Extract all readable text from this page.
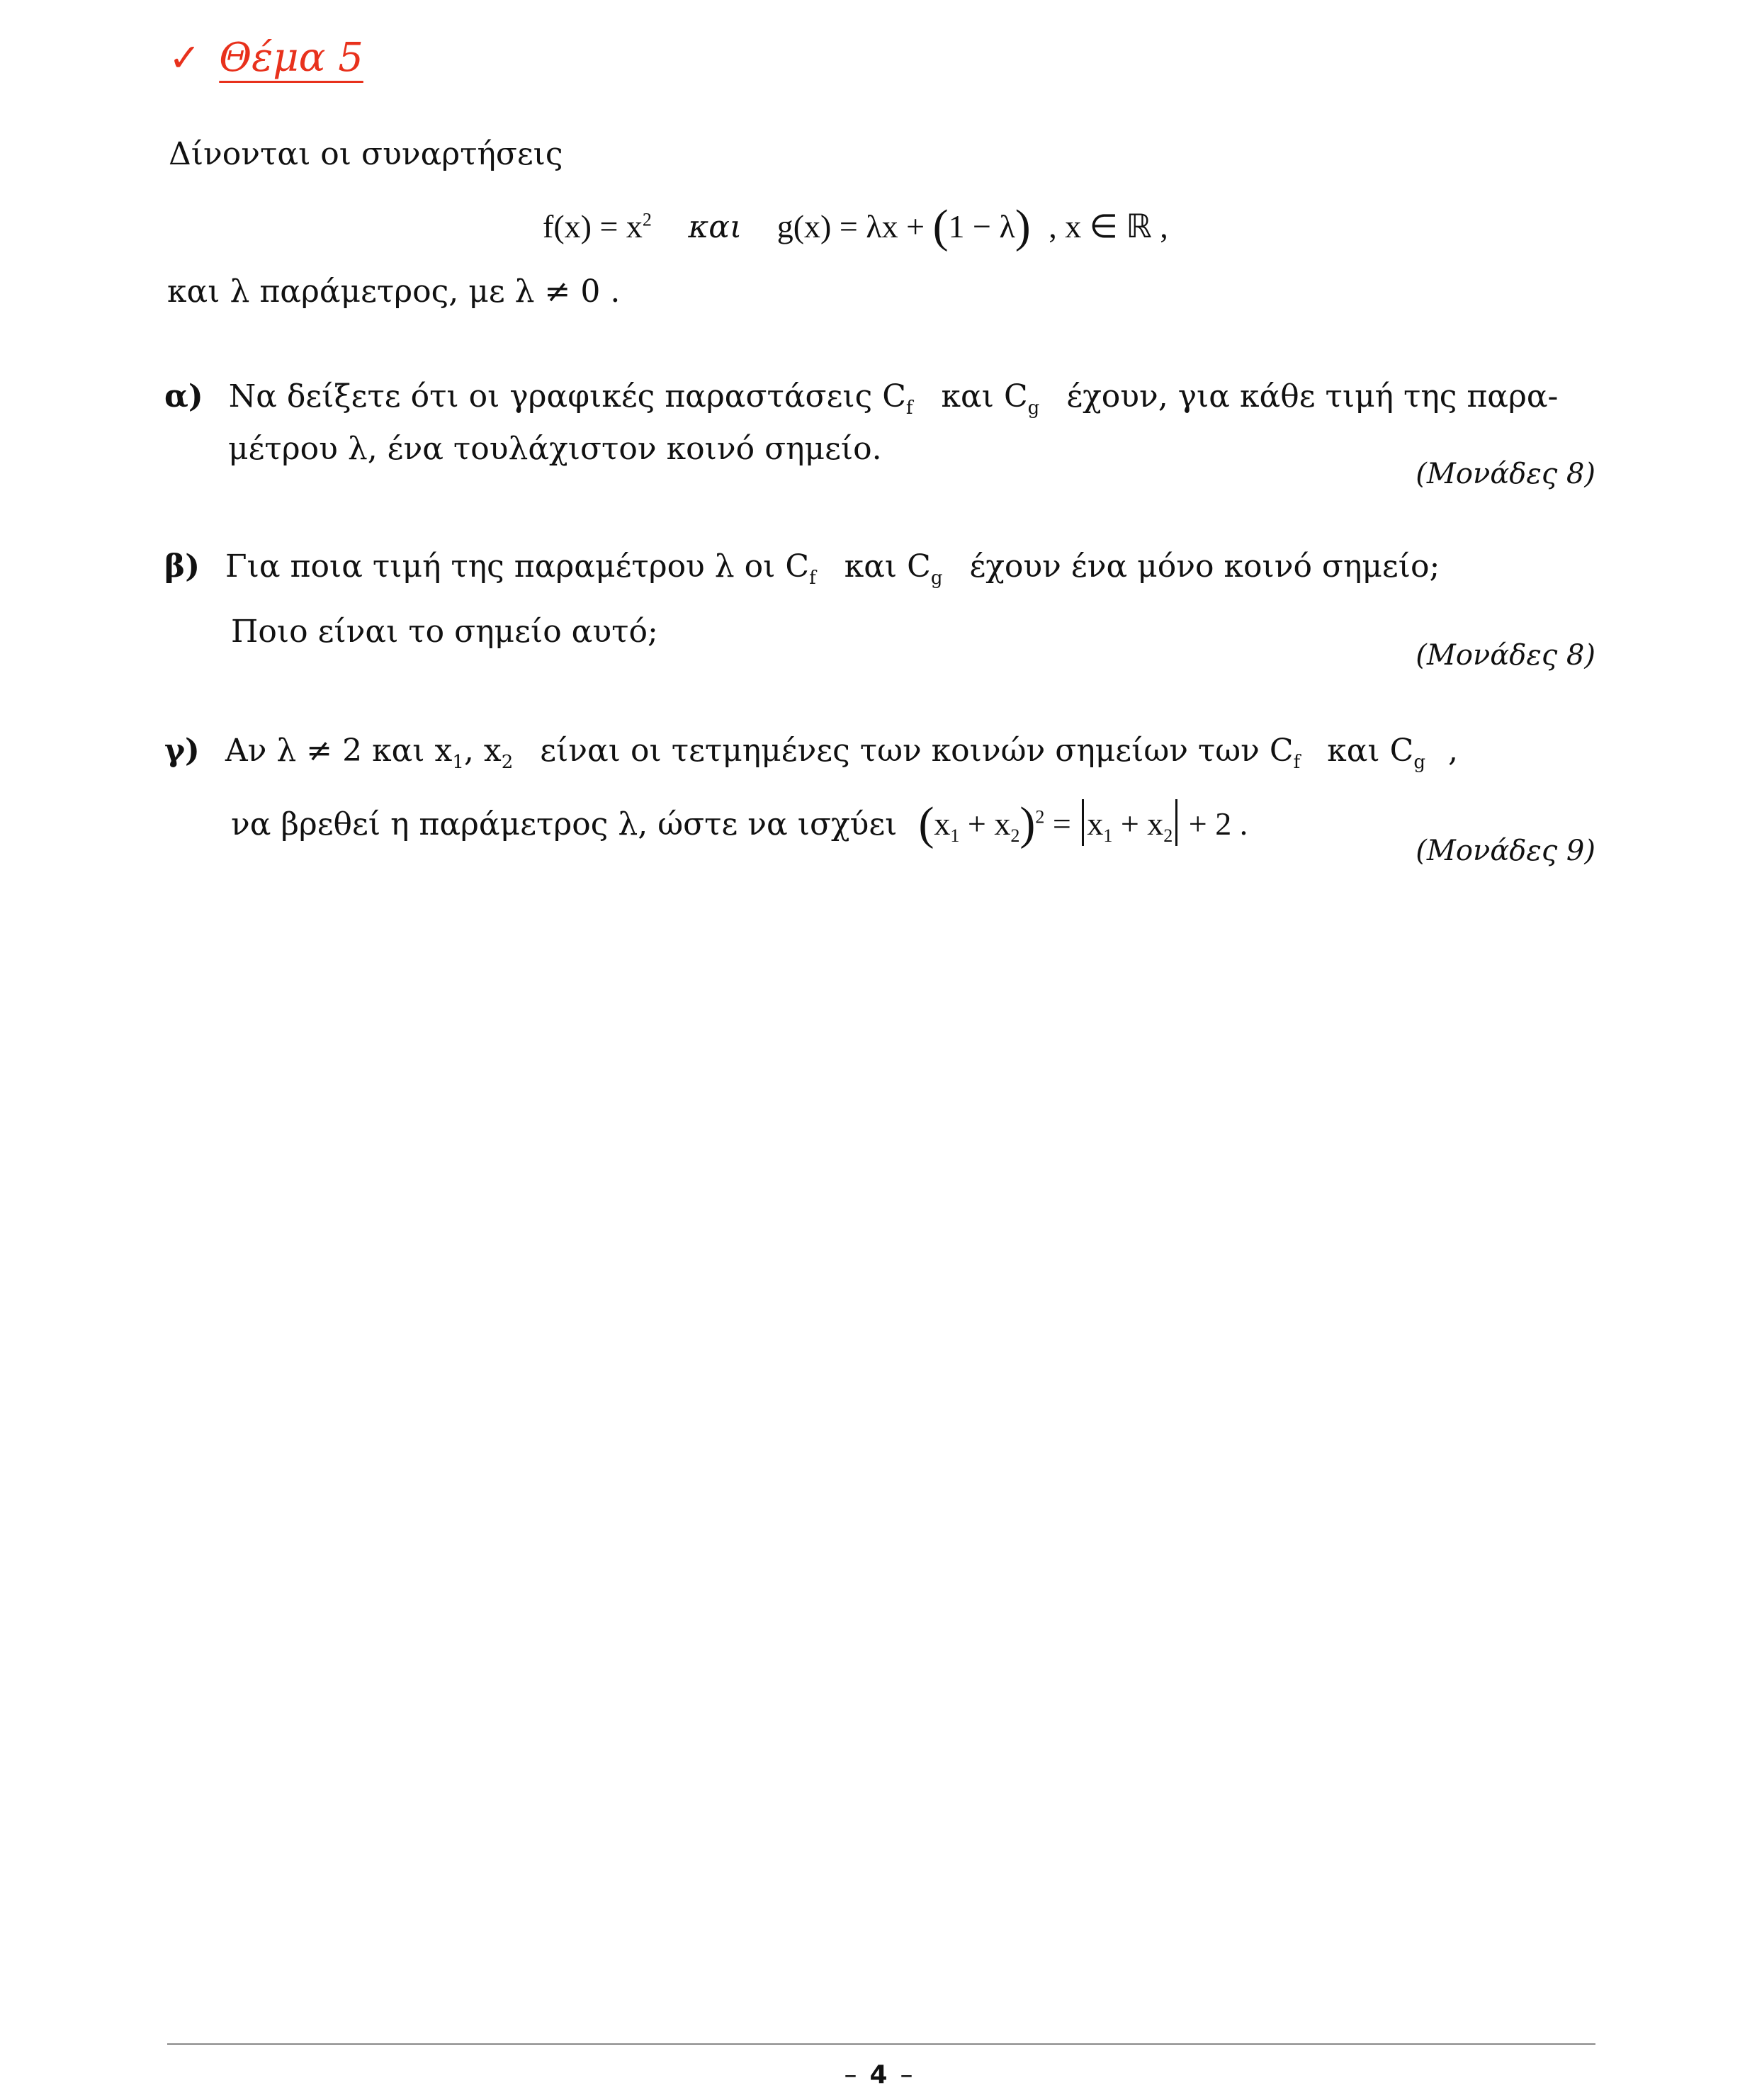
✓ Θέμα 5
Δίνονται οι συναρτήσεις
$f(x) = x^2$ και g(x) = λx + (1 − λ) , x ∈ ℝ ,
και λ παράμετρος, με λ ≠ 0 .
α) Να δείξετε ότι οι γραφικές παραστάσεις $C_f$ και $C_g$ έχουν, για κάθε τιμή της παρα-
μέτρου λ, ένα τουλάχιστον κοινό σημείο.
(Μονάδες 8)
β) Για ποια τιμή της παραμέτρου λ οι $C_f$ και $C_g$ έχουν ένα μόνο κοινό σημείο;
Ποιο είναι το σημείο αυτό;
(Μονάδες 8)
γ) Αν λ ≠ 2 και $x_1$, $x_2$ είναι οι τετμημένες των κοινών σημείων των $C_f$ και $C_g$ ,
να βρεθεί η παράμετρος λ, ώστε να ισχύει $(x_1 + x_2)^2 = x_1 + x_2 + 2$ .
(Μονάδες 9)
– 4 –
